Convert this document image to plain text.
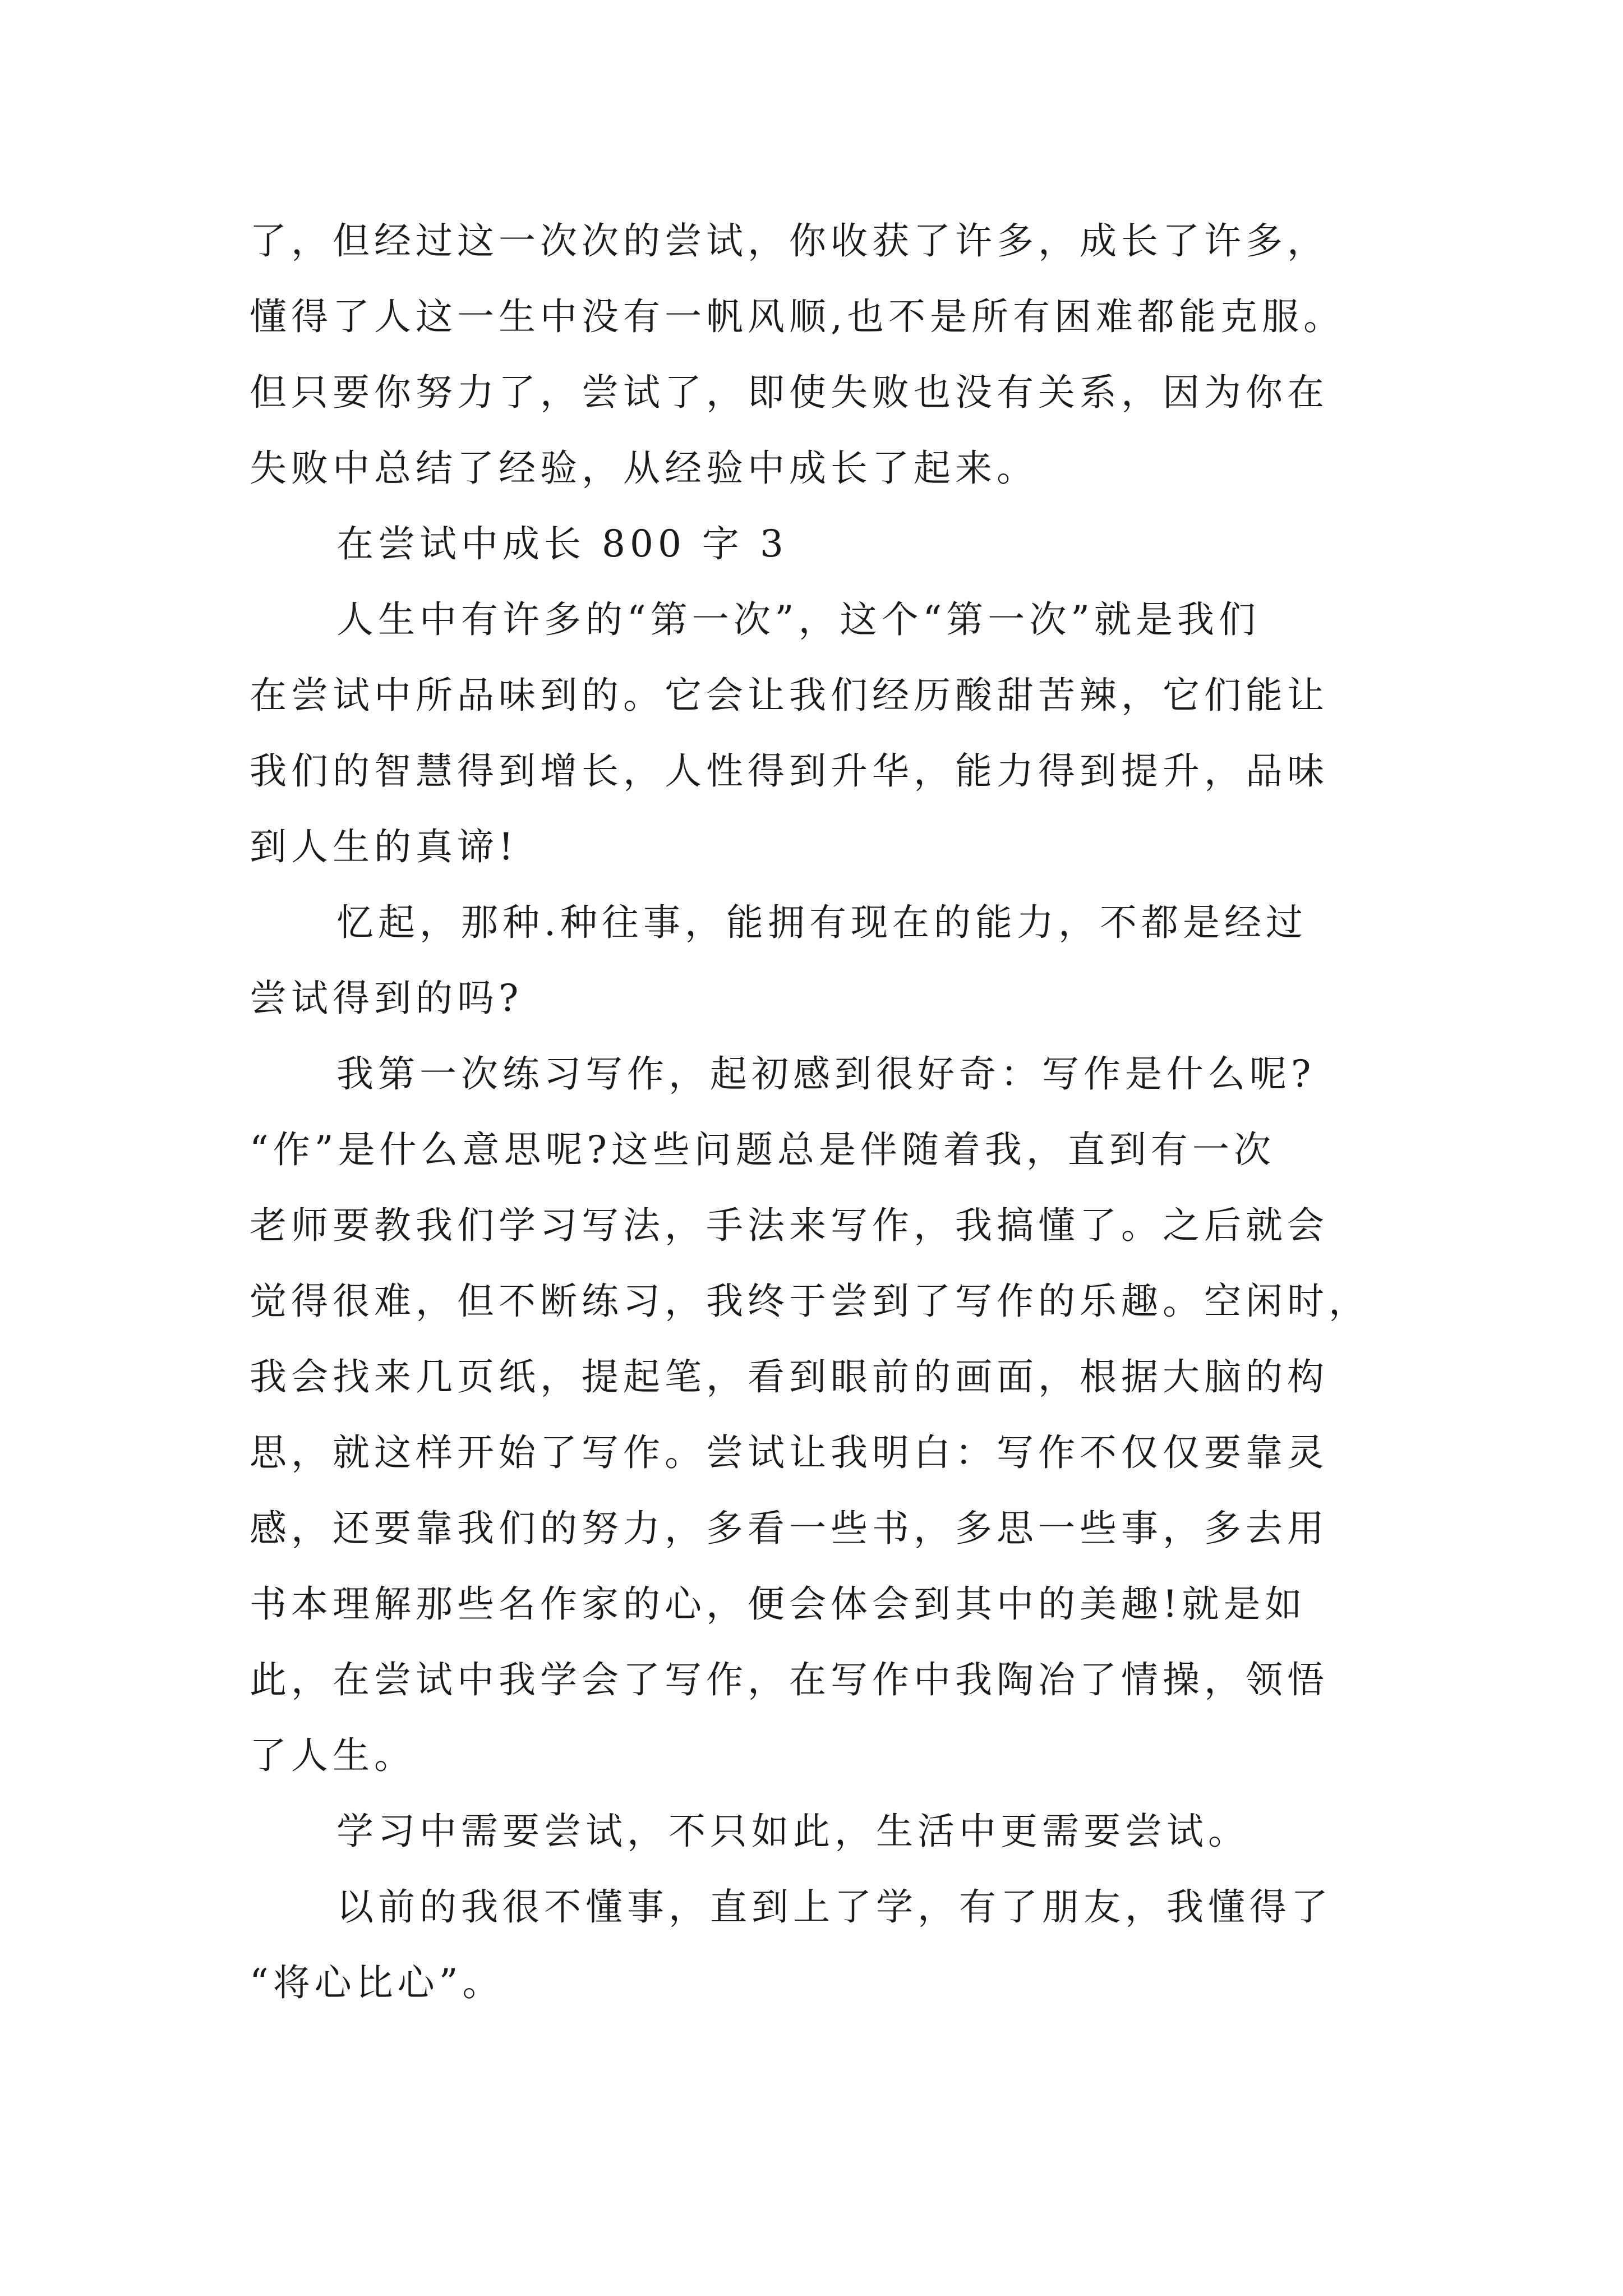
了，但经过这一次次的尝试，你收获了许多，成长了许多，
懂得了人这一生中没有一帆风顺,也不是所有困难都能克服。
但只要你努力了，尝试了，即使失败也没有关系，因为你在
失败中总结了经验，从经验中成长了起来。
在尝试中成长 800 字 3
人生中有许多的“第一次”，这个“第一次”就是我们
在尝试中所品味到的。它会让我们经历酸甜苦辣，它们能让
我们的智慧得到增长，人性得到升华，能力得到提升，品味
到人生的真谛!
忆起，那种.种往事，能拥有现在的能力，不都是经过
尝试得到的吗?
我第一次练习写作，起初感到很好奇：写作是什么呢?
“作”是什么意思呢?这些问题总是伴随着我，直到有一次
老师要教我们学习写法，手法来写作，我搞懂了。之后就会
觉得很难，但不断练习，我终于尝到了写作的乐趣。空闲时，
我会找来几页纸，提起笔，看到眼前的画面，根据大脑的构
思，就这样开始了写作。尝试让我明白：写作不仅仅要靠灵
感，还要靠我们的努力，多看一些书，多思一些事，多去用
书本理解那些名作家的心，便会体会到其中的美趣!就是如
此，在尝试中我学会了写作，在写作中我陶冶了情操，领悟
了人生。
学习中需要尝试，不只如此，生活中更需要尝试。
以前的我很不懂事，直到上了学，有了朋友，我懂得了
“将心比心”。
